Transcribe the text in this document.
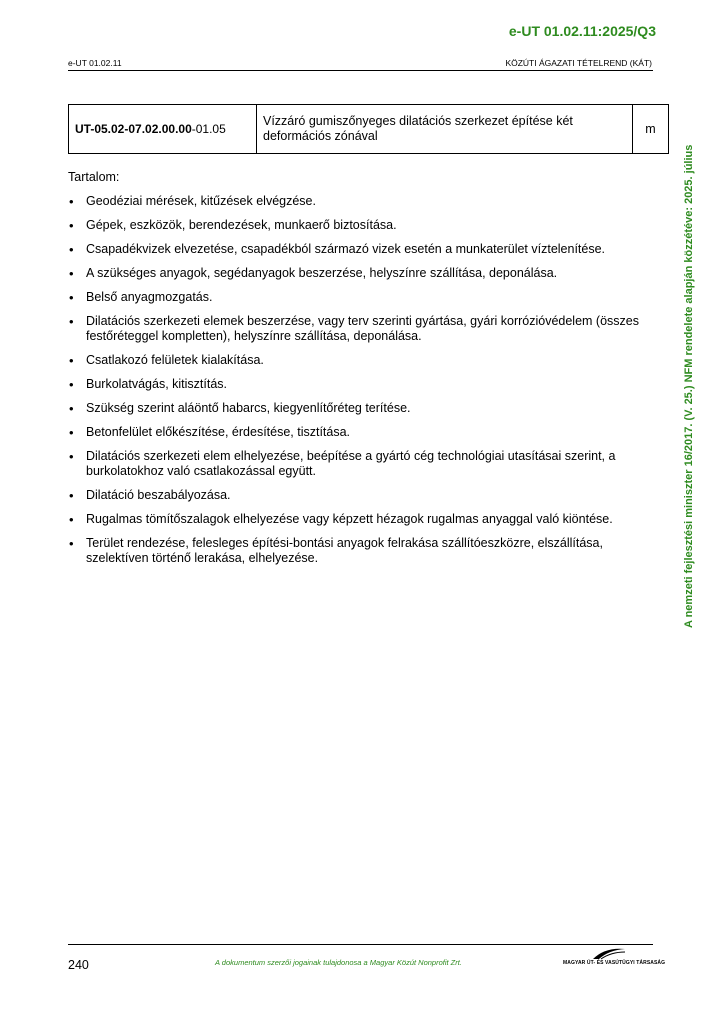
e-UT 01.02.11:2025/Q3
e-UT 01.02.11	KÖZÚTI ÁGAZATI TÉTELREND (KÁT)
UT-05.02-07.02.00.00-01.05	Vízzáró gumiszőnyeges dilatációs szerkezet építése két deformációs zónával	m
Tartalom:
• Geodéziai mérések, kitűzések elvégzése.
• Gépek, eszközök, berendezések, munkaerő biztosítása.
• Csapadékvizek elvezetése, csapadékból származó vizek esetén a munkaterület víztelenítése.
• A szükséges anyagok, segédanyagok beszerzése, helyszínre szállítása, deponálása.
• Belső anyagmozgatás.
• Dilatációs szerkezeti elemek beszerzése, vagy terv szerinti gyártása, gyári korrózióvédelem (összes festőréteggel kompletten), helyszínre szállítása, deponálása.
• Csatlakozó felületek kialakítása.
• Burkolatvágás, kitisztítás.
• Szükség szerint aláöntő habarcs, kiegyenlítőréteg terítése.
• Betonfelület előkészítése, érdesítése, tisztítása.
• Dilatációs szerkezeti elem elhelyezése, beépítése a gyártó cég technológiai utasításai szerint, a burkolatokhoz való csatlakozással együtt.
• Dilatáció beszabályozása.
• Rugalmas tömítőszalagok elhelyezése vagy képzett hézagok rugalmas anyaggal való kiöntése.
• Terület rendezése, felesleges építési-bontási anyagok felrakása szállítóeszközre, elszállítása, szelektíven történő lerakása, elhelyezése.	A nemzeti fejlesztési miniszter 16/2017. (V. 25.) NFM rendelete alapján közzétéve: 2025. július
240	A dokumentum szerzői jogainak tulajdonosa a Magyar Közút Nonprofit Zrt.	MAGYAR ÚT- ÉS VASÚTÜGYI TÁRSASÁG
